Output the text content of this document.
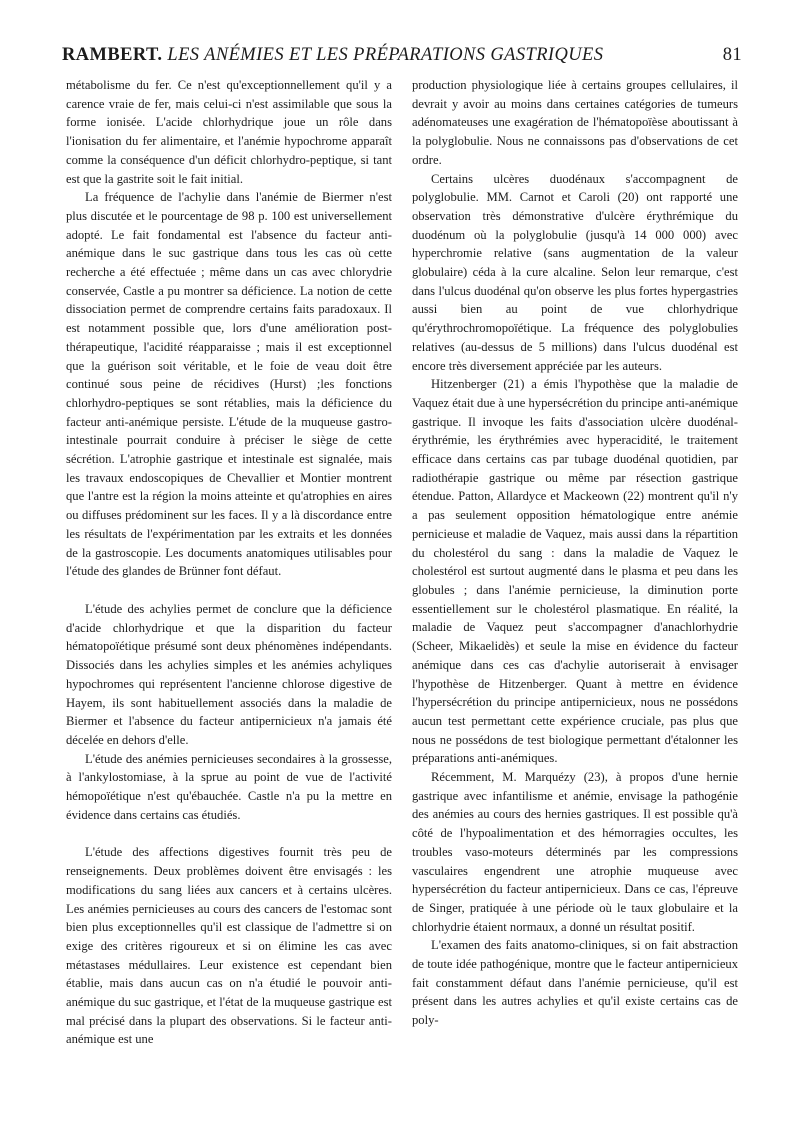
RAMBERT. LES ANÉMIES ET LES PRÉPARATIONS GASTRIQUES	81

métabolisme du fer. Ce n'est qu'exceptionnellement qu'il y a carence vraie de fer, mais celui-ci n'est assimilable que sous la forme ionisée. L'acide chlorhydrique joue un rôle dans l'ionisation du fer alimentaire, et l'anémie hypochrome apparaît comme la conséquence d'un déficit chlorhydro-peptique, si tant est que la gastrite soit le fait initial.

La fréquence de l'achylie dans l'anémie de Biermer n'est plus discutée et le pourcentage de 98 p. 100 est universellement adopté. Le fait fondamental est l'absence du facteur anti-anémique dans le suc gastrique dans tous les cas où cette recherche a été effectuée ; même dans un cas avec chlorydrie conservée, Castle a pu montrer sa déficience. La notion de cette dissociation permet de comprendre certains faits paradoxaux. Il est notamment possible que, lors d'une amélioration post-thérapeutique, l'acidité réapparaisse ; mais il est exceptionnel que la guérison soit véritable, et le foie de veau doit être continué sous peine de récidives (Hurst) ;les fonctions chlorhydro-peptiques se sont rétablies, mais la déficience du facteur anti-anémique persiste. L'étude de la muqueuse gastro-intestinale pourrait conduire à préciser le siège de cette sécrétion. L'atrophie gastrique et intestinale est signalée, mais les travaux endoscopiques de Chevallier et Montier montrent que l'antre est la région la moins atteinte et qu'atrophies en aires ou diffuses prédominent sur les faces. Il y a là discordance entre les résultats de l'expérimentation par les extraits et les données de la gastroscopie. Les documents anatomiques utilisables pour l'étude des glandes de Brünner font défaut.

L'étude des achylies permet de conclure que la déficience d'acide chlorhydrique et que la disparition du facteur hématopoïétique présumé sont deux phénomènes indépendants. Dissociés dans les achylies simples et les anémies achyliques hypochromes qui représentent l'ancienne chlorose digestive de Hayem, ils sont habituellement associés dans la maladie de Biermer et l'absence du facteur antipernicieux n'a jamais été décelée en dehors d'elle.

L'étude des anémies pernicieuses secondaires à la grossesse, à l'ankylostomiase, à la sprue au point de vue de l'activité hémopoïétique n'est qu'ébauchée. Castle n'a pu la mettre en évidence dans certains cas étudiés.

L'étude des affections digestives fournit très peu de renseignements. Deux problèmes doivent être envisagés : les modifications du sang liées aux cancers et à certains ulcères. Les anémies pernicieuses au cours des cancers de l'estomac sont bien plus exceptionnelles qu'il est classique de l'admettre si on exige des critères rigoureux et si on élimine les cas avec métastases médullaires. Leur existence est cependant bien établie, mais dans aucun cas on n'a étudié le pouvoir anti-anémique du suc gastrique, et l'état de la muqueuse gastrique est mal précisé dans la plupart des observations. Si le facteur anti-anémique est une

production physiologique liée à certains groupes cellulaires, il devrait y avoir au moins dans certaines catégories de tumeurs adénomateuses une exagération de l'hématopoïèse aboutissant à la polyglobulie. Nous ne connaissons pas d'observations de cet ordre.

Certains ulcères duodénaux s'accompagnent de polyglobulie. MM. Carnot et Caroli (20) ont rapporté une observation très démonstrative d'ulcère érythrémique du duodénum où la polyglobulie (jusqu'à 14 000 000) avec hyperchromie relative (sans augmentation de la valeur globulaire) céda à la cure alcaline. Selon leur remarque, c'est dans l'ulcus duodénal qu'on observe les plus fortes hypergastries aussi bien au point de vue chlorhydrique qu'érythrochromopoïétique. La fréquence des polyglobulies relatives (au-dessus de 5 millions) dans l'ulcus duodénal est encore très diversement appréciée par les auteurs.

Hitzenberger (21) a émis l'hypothèse que la maladie de Vaquez était due à une hypersécrétion du principe anti-anémique gastrique. Il invoque les faits d'association ulcère duodénal-érythrémie, les érythrémies avec hyperacidité, le traitement efficace dans certains cas par tubage duodénal quotidien, par radiothérapie gastrique ou même par résection gastrique étendue. Patton, Allardyce et Mackeown (22) montrent qu'il n'y a pas seulement opposition hématologique entre anémie pernicieuse et maladie de Vaquez, mais aussi dans la répartition du cholestérol du sang : dans la maladie de Vaquez le cholestérol est surtout augmenté dans le plasma et peu dans les globules ; dans l'anémie pernicieuse, la diminution porte essentiellement sur le cholestérol plasmatique. En réalité, la maladie de Vaquez peut s'accompagner d'anachlorhydrie (Scheer, Mikaelidès) et seule la mise en évidence du facteur anémique dans ces cas d'achylie autoriserait à envisager l'hypothèse de Hitzenberger. Quant à mettre en évidence l'hypersécrétion du principe antipernicieux, nous ne possédons aucun test permettant cette expérience cruciale, pas plus que nous ne possédons de test biologique permettant d'étalonner les préparations anti-anémiques.

Récemment, M. Marquézy (23), à propos d'une hernie gastrique avec infantilisme et anémie, envisage la pathogénie des anémies au cours des hernies gastriques. Il est possible qu'à côté de l'hypoalimentation et des hémorragies occultes, les troubles vaso-moteurs déterminés par les compressions vasculaires engendrent une atrophie muqueuse avec hypersécrétion du facteur antipernicieux. Dans ce cas, l'épreuve de Singer, pratiquée à une période où le taux globulaire et la chlorhydrie étaient normaux, a donné un résultat positif.

L'examen des faits anatomo-cliniques, si on fait abstraction de toute idée pathogénique, montre que le facteur antipernicieux fait constamment défaut dans l'anémie pernicieuse, qu'il est présent dans les autres achylies et qu'il existe certains cas de poly-
